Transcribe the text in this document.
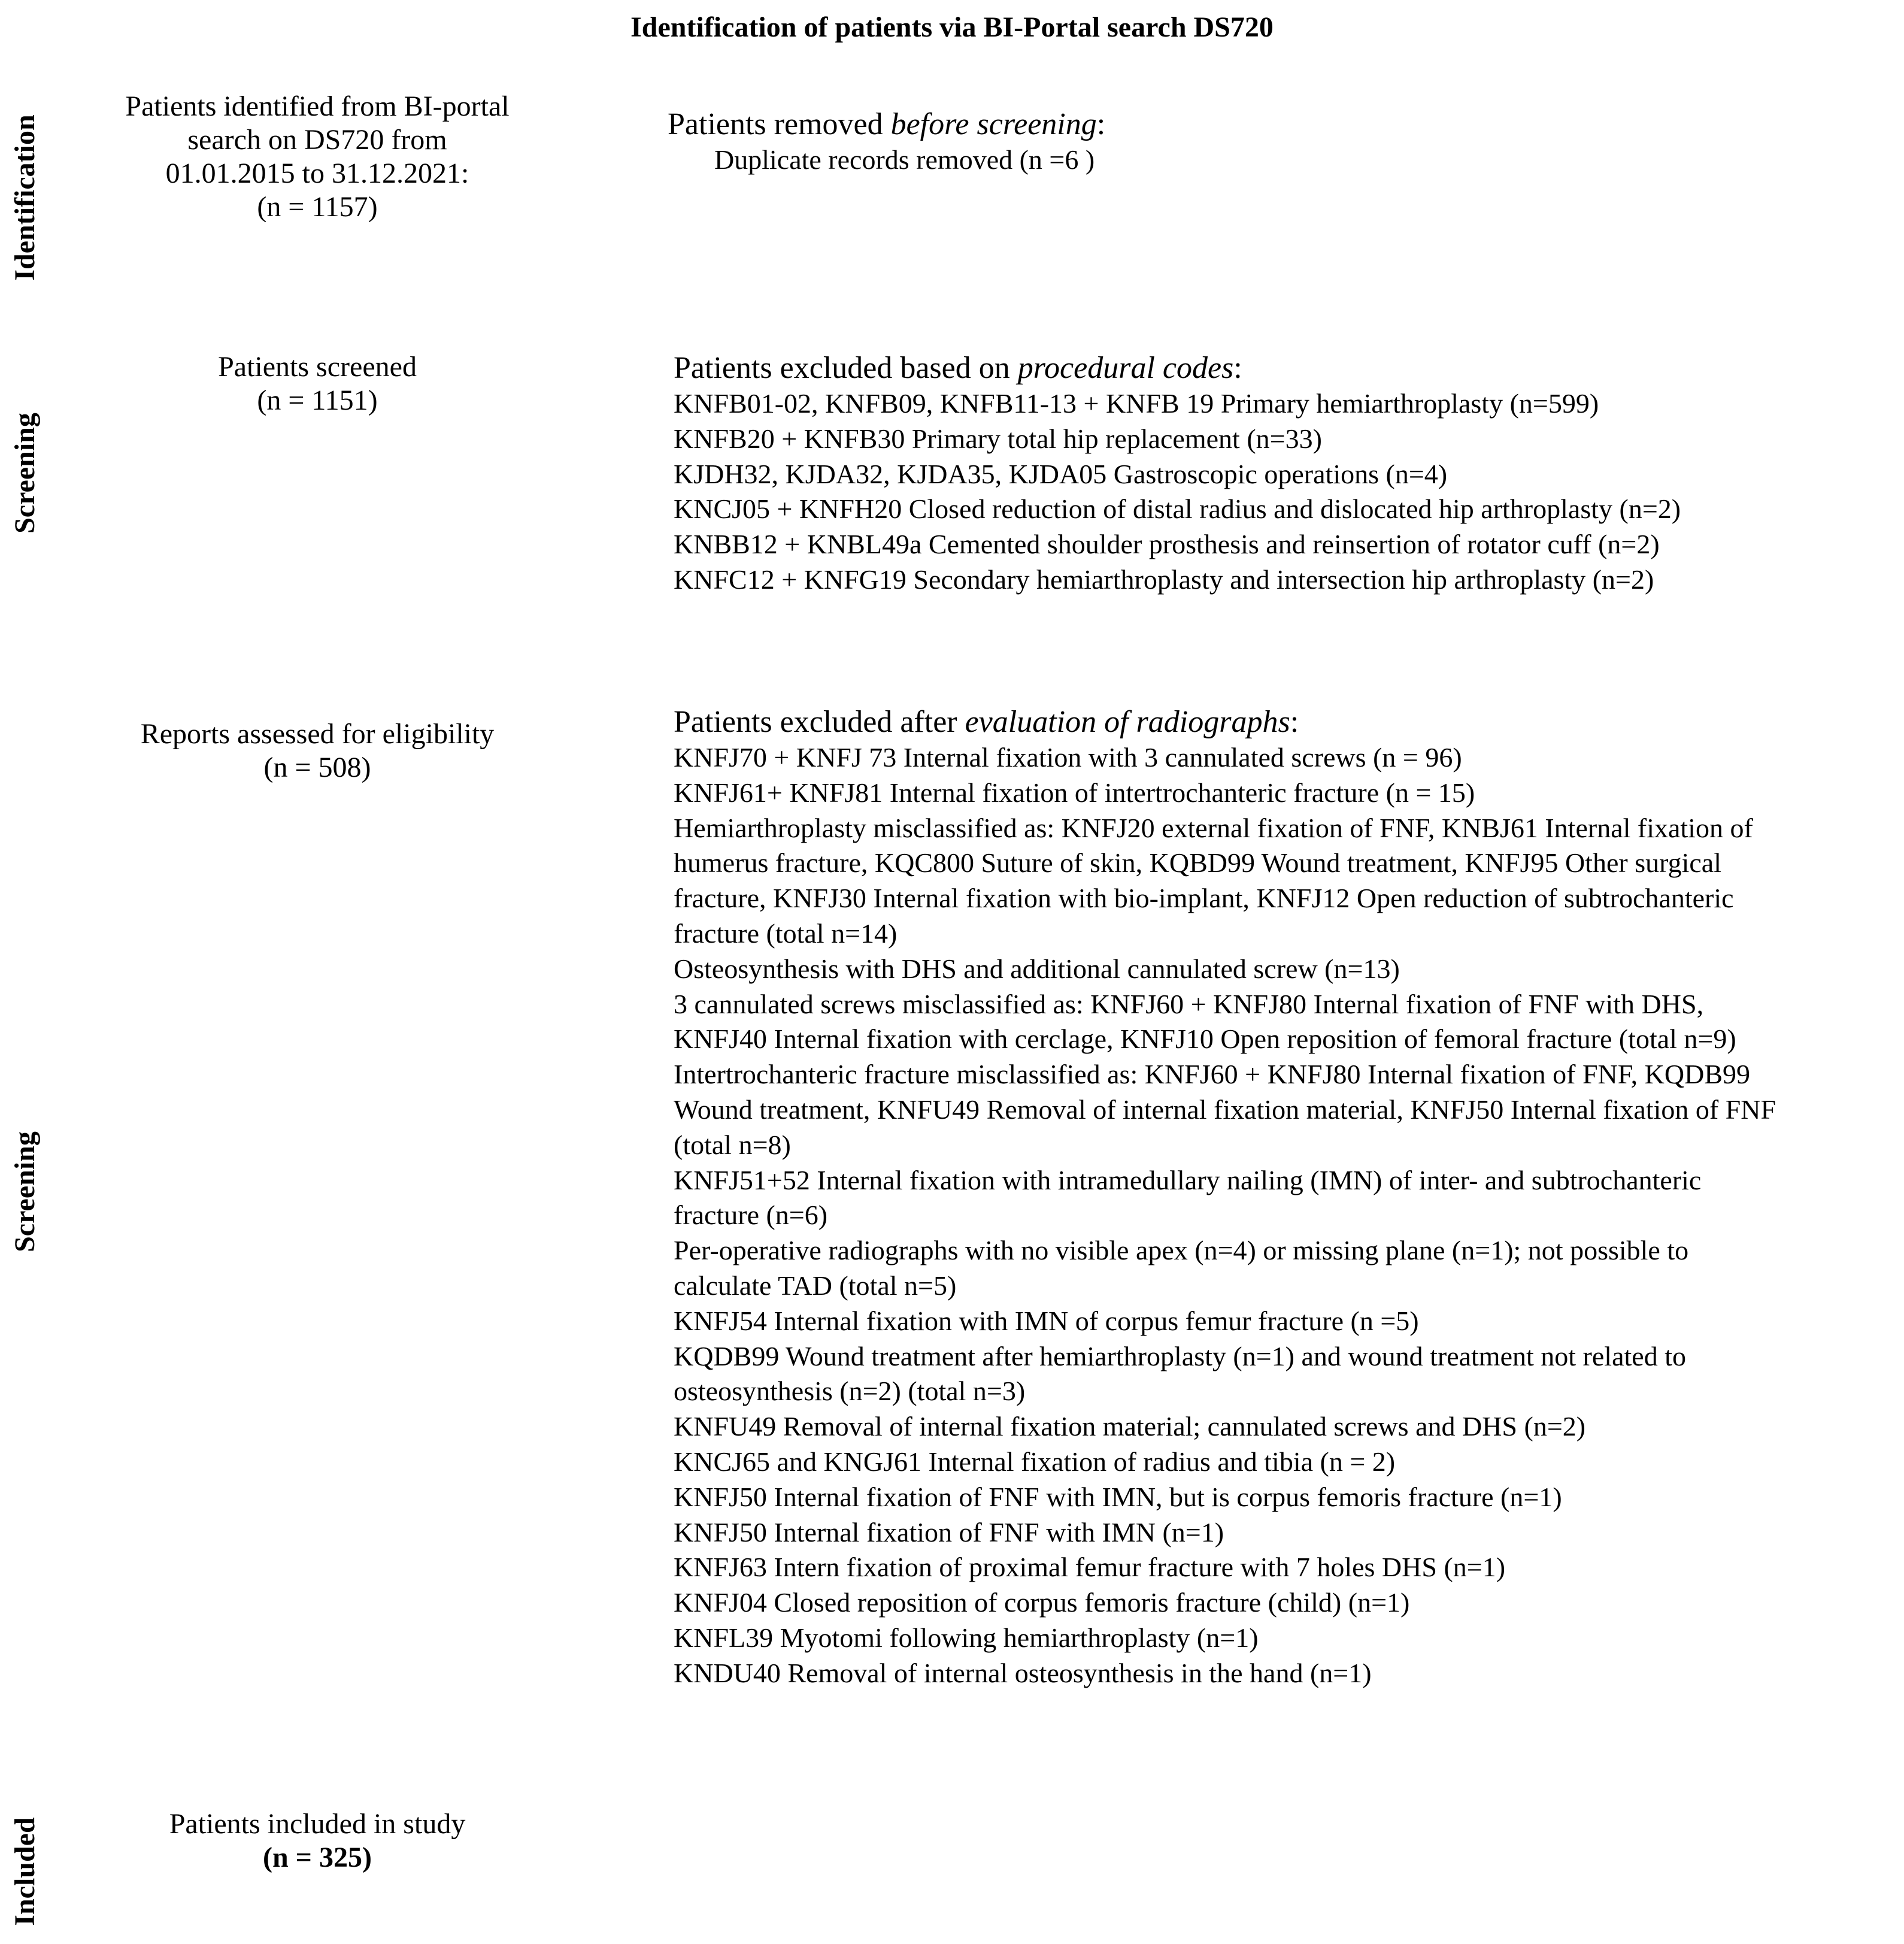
Identification of patients via BI-Portal search DS720
Identification
Screening
Screening
Included
Patients identified from BI-portal
search on DS720 from
01.01.2015 to 31.12.2021:
(n = 1157)
Patients screened
(n = 1151)
Reports assessed for eligibility
(n = 508)
Patients included in study
(n = 325)
Patients removed before screening:
Duplicate records removed (n =6 )
Patients excluded based on procedural codes:
KNFB01-02, KNFB09, KNFB11-13 + KNFB 19 Primary hemiarthroplasty (n=599)
KNFB20 + KNFB30 Primary total hip replacement (n=33)
KJDH32, KJDA32, KJDA35, KJDA05 Gastroscopic operations (n=4)
KNCJ05 + KNFH20 Closed reduction of distal radius and dislocated hip arthroplasty (n=2)
KNBB12 + KNBL49a Cemented shoulder prosthesis and reinsertion of rotator cuff (n=2)
KNFC12 + KNFG19 Secondary hemiarthroplasty and intersection hip arthroplasty (n=2)
Patients excluded after evaluation of radiographs:
KNFJ70 + KNFJ 73 Internal fixation with 3 cannulated screws (n = 96)
KNFJ61+ KNFJ81 Internal fixation of intertrochanteric fracture (n = 15)
Hemiarthroplasty misclassified as: KNFJ20 external fixation of FNF, KNBJ61 Internal fixation of
humerus fracture, KQC800 Suture of skin, KQBD99 Wound treatment, KNFJ95 Other surgical
fracture, KNFJ30 Internal fixation with bio-implant, KNFJ12 Open reduction of subtrochanteric
fracture (total n=14)
Osteosynthesis with DHS and additional cannulated screw (n=13)
3 cannulated screws misclassified as: KNFJ60 + KNFJ80 Internal fixation of FNF with DHS,
KNFJ40 Internal fixation with cerclage, KNFJ10 Open reposition of femoral fracture (total n=9)
Intertrochanteric fracture misclassified as: KNFJ60 + KNFJ80 Internal fixation of FNF, KQDB99
Wound treatment, KNFU49 Removal of internal fixation material, KNFJ50 Internal fixation of FNF
(total n=8)
KNFJ51+52 Internal fixation with intramedullary nailing (IMN) of inter- and subtrochanteric
fracture (n=6)
Per-operative radiographs with no visible apex (n=4) or missing plane (n=1); not possible to
calculate TAD (total n=5)
KNFJ54 Internal fixation with IMN of corpus femur fracture (n =5)
KQDB99 Wound treatment after hemiarthroplasty (n=1) and wound treatment not related to
osteosynthesis (n=2) (total n=3)
KNFU49 Removal of internal fixation material; cannulated screws and DHS (n=2)
KNCJ65 and KNGJ61 Internal fixation of radius and tibia (n = 2)
KNFJ50 Internal fixation of FNF with IMN, but is corpus femoris fracture (n=1)
KNFJ50 Internal fixation of FNF with IMN (n=1)
KNFJ63 Intern fixation of proximal femur fracture with 7 holes DHS (n=1)
KNFJ04 Closed reposition of corpus femoris fracture (child) (n=1)
KNFL39 Myotomi following hemiarthroplasty (n=1)
KNDU40 Removal of internal osteosynthesis in the hand (n=1)
